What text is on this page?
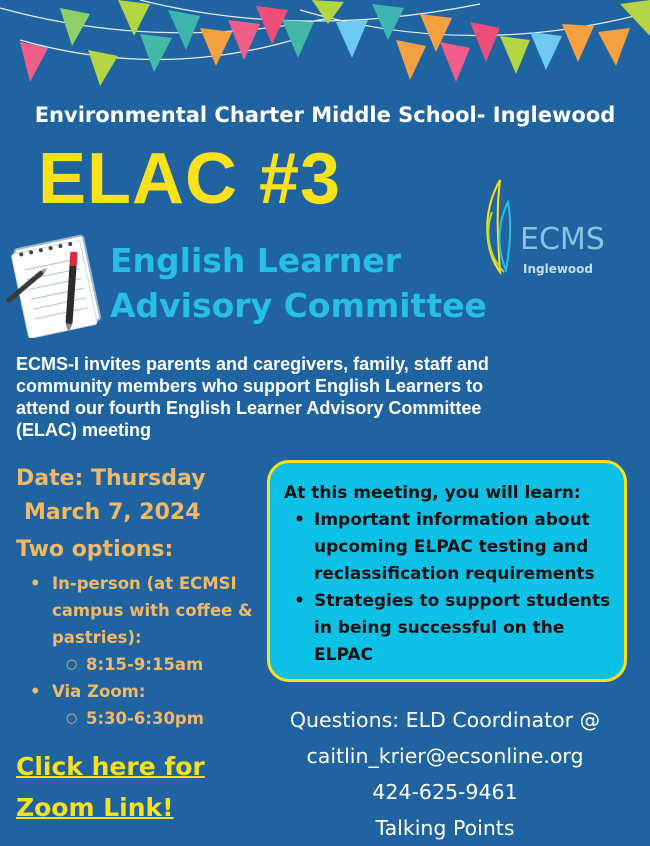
Environmental Charter Middle School- Inglewood
ELAC #3
English Learner
Advisory Committee
ECMS
Inglewood
ECMS-I invites parents and caregivers, family, staff and community members who support English Learners to attend our fourth English Learner Advisory Committee (ELAC) meeting
Date: Thursday
March 7, 2024
Two options:
• In-person (at ECMSI campus with coffee & pastries):
○ 8:15-9:15am
• Via Zoom:
○ 5:30-6:30pm
Click here for
Zoom Link!
At this meeting, you will learn:
• Important information about upcoming ELPAC testing and reclassification requirements
• Strategies to support students in being successful on the ELPAC
Questions: ELD Coordinator @
caitlin_krier@ecsonline.org
424-625-9461
Talking Points
